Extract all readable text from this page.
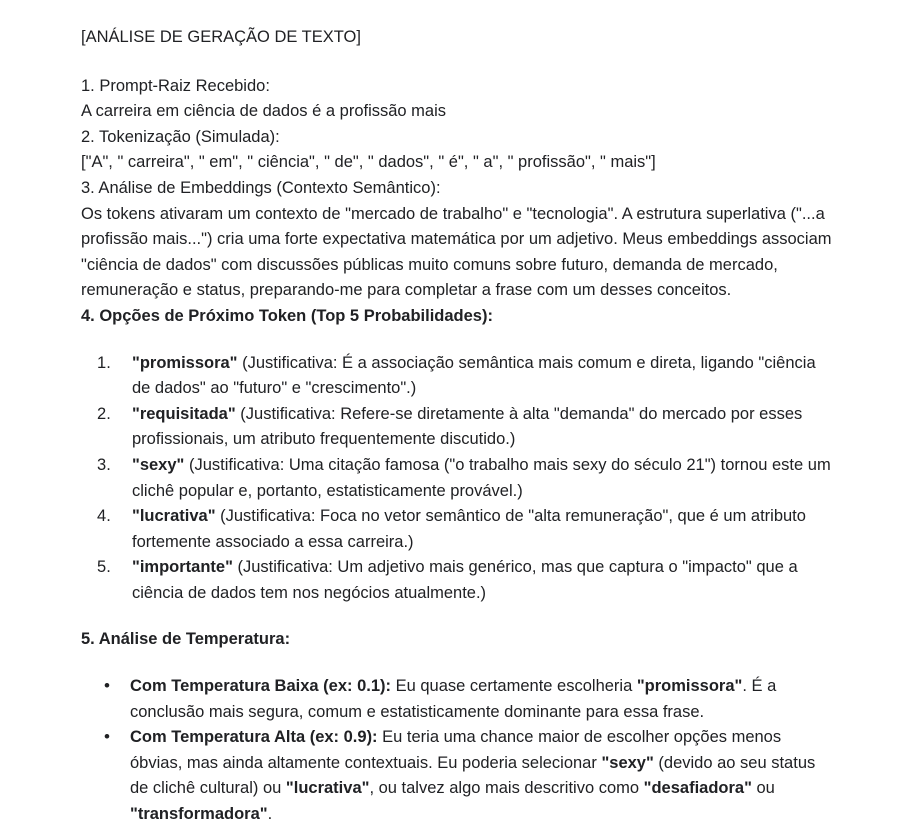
[ANÁLISE DE GERAÇÃO DE TEXTO]
1. Prompt-Raiz Recebido:
A carreira em ciência de dados é a profissão mais
2. Tokenização (Simulada):
["A", " carreira", " em", " ciência", " de", " dados", " é", " a", " profissão", " mais"]
3. Análise de Embeddings (Contexto Semântico):
Os tokens ativaram um contexto de "mercado de trabalho" e "tecnologia". A estrutura superlativa ("...a profissão mais...") cria uma forte expectativa matemática por um adjetivo. Meus embeddings associam "ciência de dados" com discussões públicas muito comuns sobre futuro, demanda de mercado, remuneração e status, preparando-me para completar a frase com um desses conceitos.
4. Opções de Próximo Token (Top 5 Probabilidades):
"promissora" (Justificativa: É a associação semântica mais comum e direta, ligando "ciência de dados" ao "futuro" e "crescimento".)
"requisitada" (Justificativa: Refere-se diretamente à alta "demanda" do mercado por esses profissionais, um atributo frequentemente discutido.)
"sexy" (Justificativa: Uma citação famosa ("o trabalho mais sexy do século 21") tornou este um clichê popular e, portanto, estatisticamente provável.)
"lucrativa" (Justificativa: Foca no vetor semântico de "alta remuneração", que é um atributo fortemente associado a essa carreira.)
"importante" (Justificativa: Um adjetivo mais genérico, mas que captura o "impacto" que a ciência de dados tem nos negócios atualmente.)
5. Análise de Temperatura:
• Com Temperatura Baixa (ex: 0.1): Eu quase certamente escolheria "promissora". É a conclusão mais segura, comum e estatisticamente dominante para essa frase.
• Com Temperatura Alta (ex: 0.9): Eu teria uma chance maior de escolher opções menos óbvias, mas ainda altamente contextuais. Eu poderia selecionar "sexy" (devido ao seu status de clichê cultural) ou "lucrativa", ou talvez algo mais descritivo como "desafiadora" ou "transformadora".
